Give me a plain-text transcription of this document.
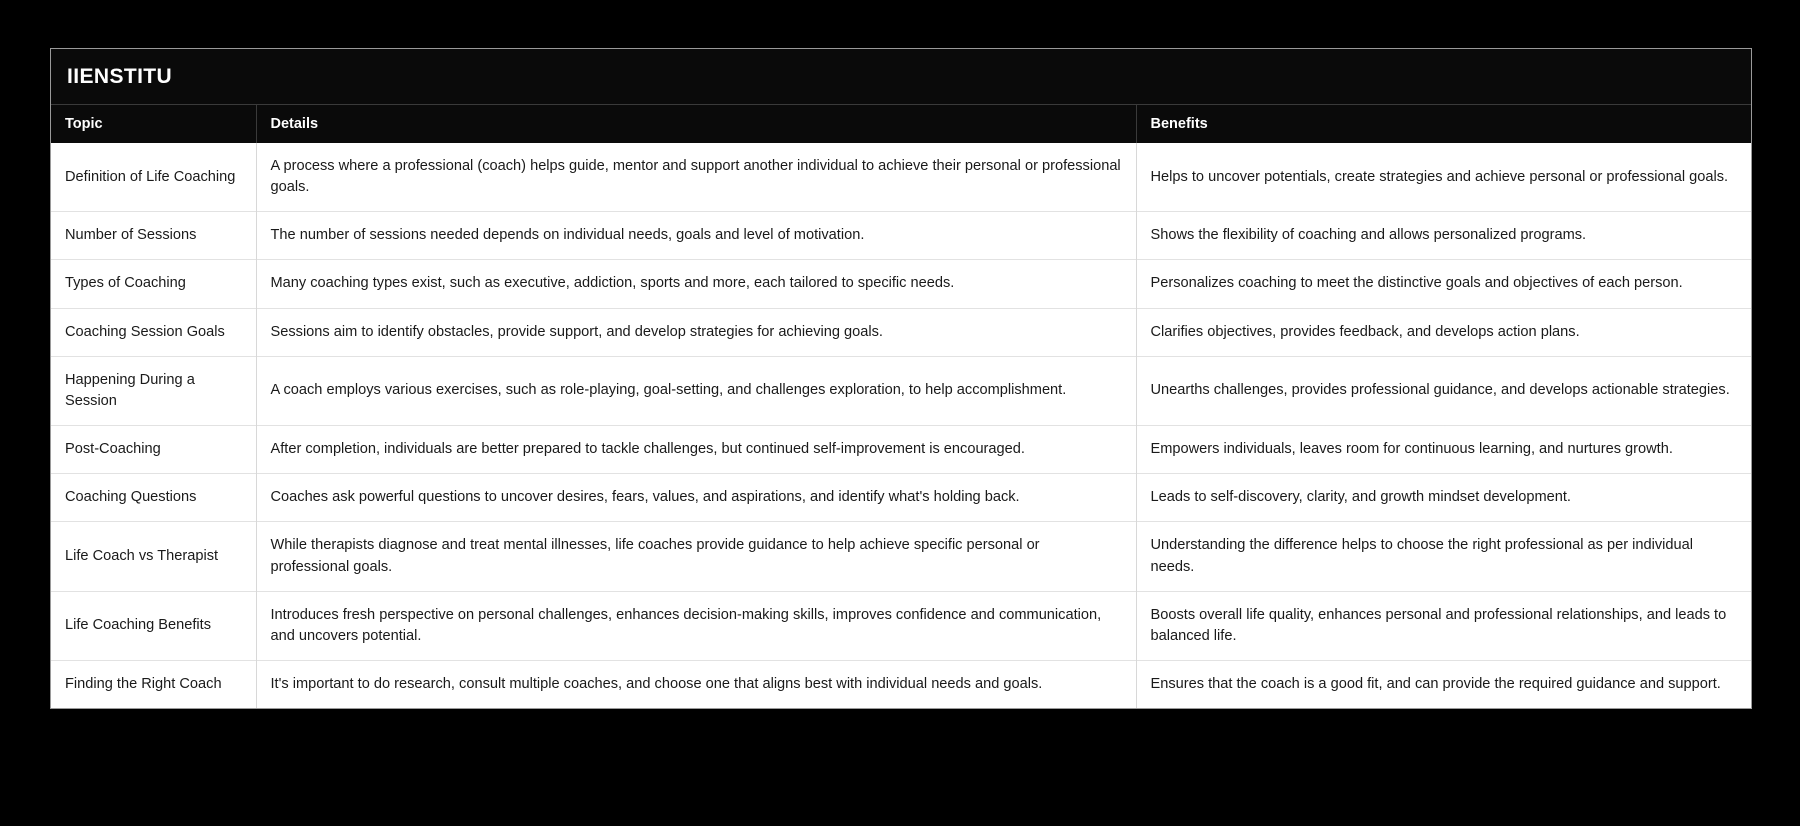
IIENSTITU
Topic	Details	Benefits
Definition of Life Coaching	A process where a professional (coach) helps guide, mentor and support another individual to achieve their personal or professional goals.	Helps to uncover potentials, create strategies and achieve personal or professional goals.
Number of Sessions	The number of sessions needed depends on individual needs, goals and level of motivation.	Shows the flexibility of coaching and allows personalized programs.
Types of Coaching	Many coaching types exist, such as executive, addiction, sports and more, each tailored to specific needs.	Personalizes coaching to meet the distinctive goals and objectives of each person.
Coaching Session Goals	Sessions aim to identify obstacles, provide support, and develop strategies for achieving goals.	Clarifies objectives, provides feedback, and develops action plans.
Happening During a Session	A coach employs various exercises, such as role-playing, goal-setting, and challenges exploration, to help accomplishment.	Unearths challenges, provides professional guidance, and develops actionable strategies.
Post-Coaching	After completion, individuals are better prepared to tackle challenges, but continued self-improvement is encouraged.	Empowers individuals, leaves room for continuous learning, and nurtures growth.
Coaching Questions	Coaches ask powerful questions to uncover desires, fears, values, and aspirations, and identify what's holding back.	Leads to self-discovery, clarity, and growth mindset development.
Life Coach vs Therapist	While therapists diagnose and treat mental illnesses, life coaches provide guidance to help achieve specific personal or professional goals.	Understanding the difference helps to choose the right professional as per individual needs.
Life Coaching Benefits	Introduces fresh perspective on personal challenges, enhances decision-making skills, improves confidence and communication, and uncovers potential.	Boosts overall life quality, enhances personal and professional relationships, and leads to balanced life.
Finding the Right Coach	It's important to do research, consult multiple coaches, and choose one that aligns best with individual needs and goals.	Ensures that the coach is a good fit, and can provide the required guidance and support.
